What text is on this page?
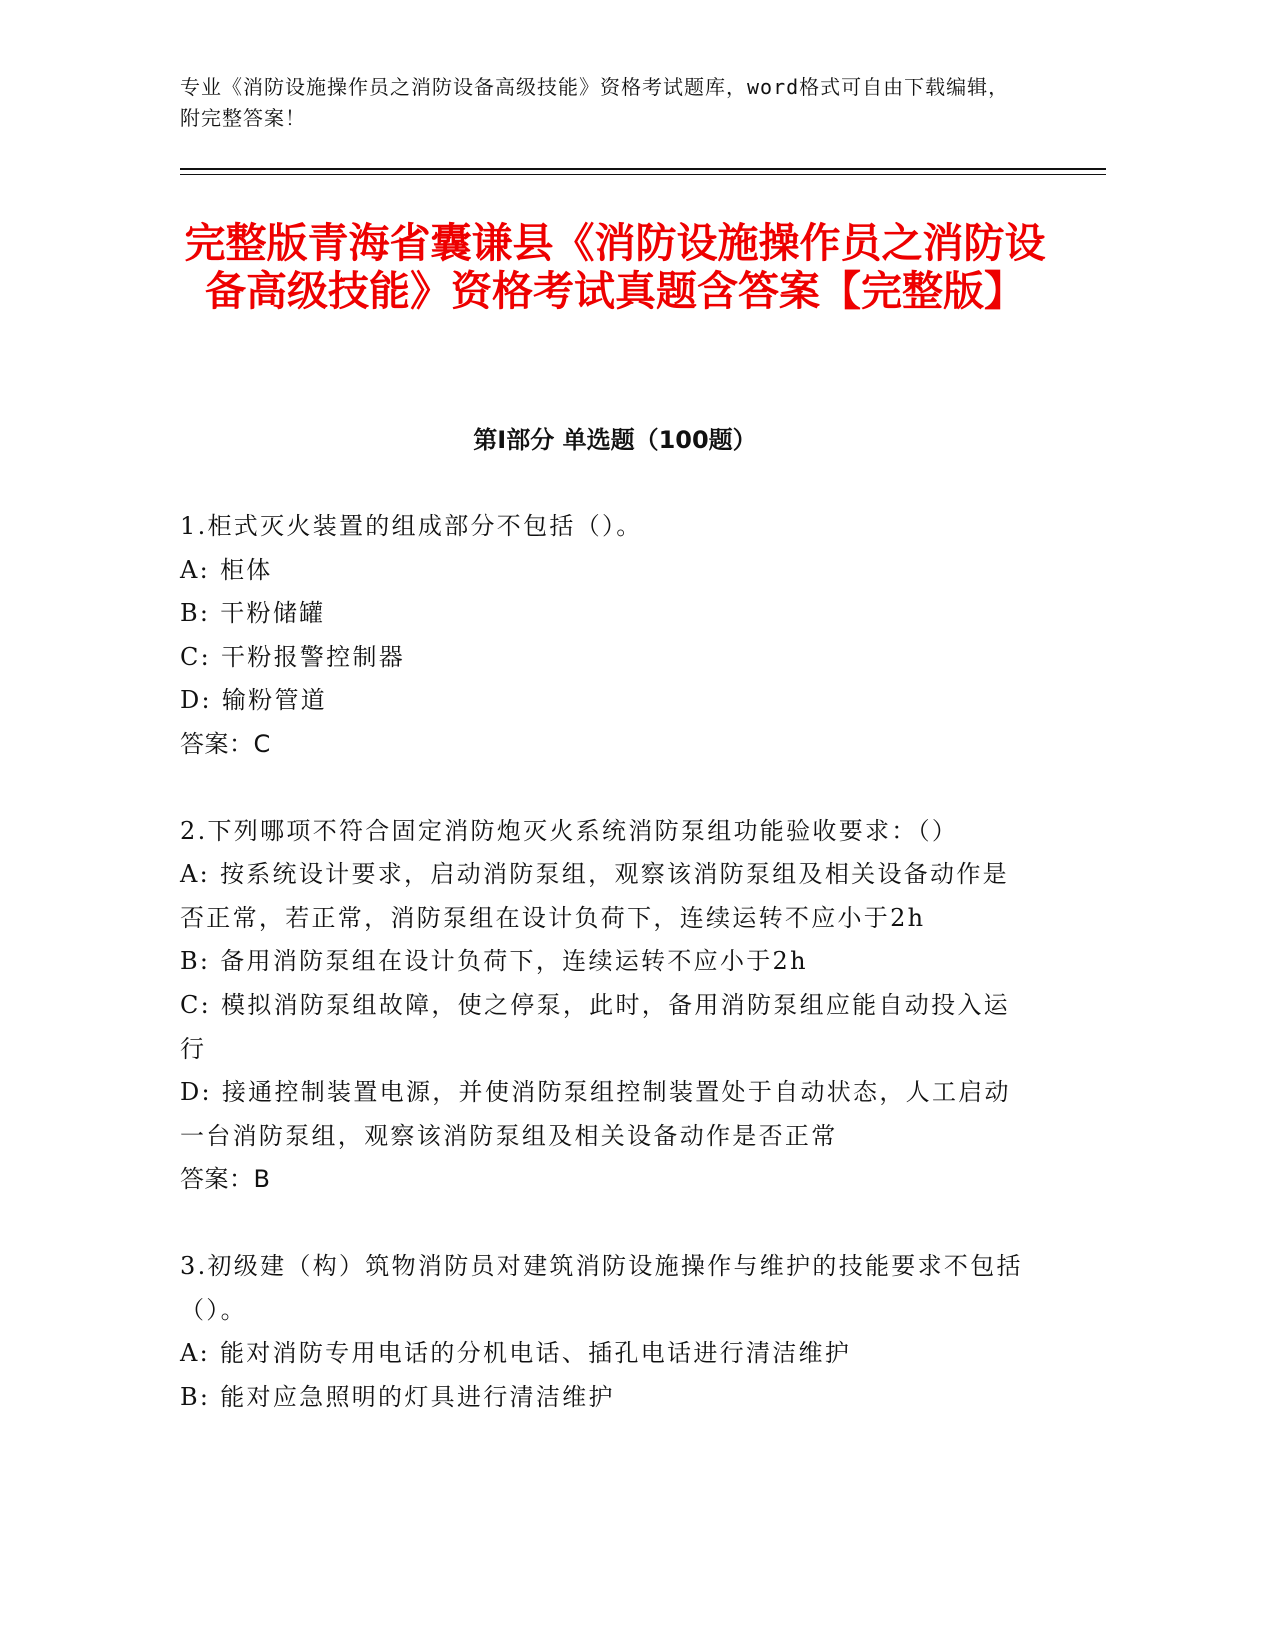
专业《消防设施操作员之消防设备高级技能》资格考试题库，word格式可自由下载编辑，附完整答案！
完整版青海省囊谦县《消防设施操作员之消防设备高级技能》资格考试真题含答案【完整版】
第I部分 单选题（100题）

1.柜式灭火装置的组成部分不包括（）。

A: 柜体

B: 干粉储罐

C: 干粉报警控制器

D: 输粉管道

答案：C

2.下列哪项不符合固定消防炮灭火系统消防泵组功能验收要求：（）

A: 按系统设计要求，启动消防泵组，观察该消防泵组及相关设备动作是否正常，若正常，消防泵组在设计负荷下，连续运转不应小于2h

B: 备用消防泵组在设计负荷下，连续运转不应小于2h

C: 模拟消防泵组故障，使之停泵，此时，备用消防泵组应能自动投入运行

D: 接通控制装置电源，并使消防泵组控制装置处于自动状态，人工启动一台消防泵组，观察该消防泵组及相关设备动作是否正常

答案：B

3.初级建（构）筑物消防员对建筑消防设施操作与维护的技能要求不包括（）。

A: 能对消防专用电话的分机电话、插孔电话进行清洁维护

B: 能对应急照明的灯具进行清洁维护
